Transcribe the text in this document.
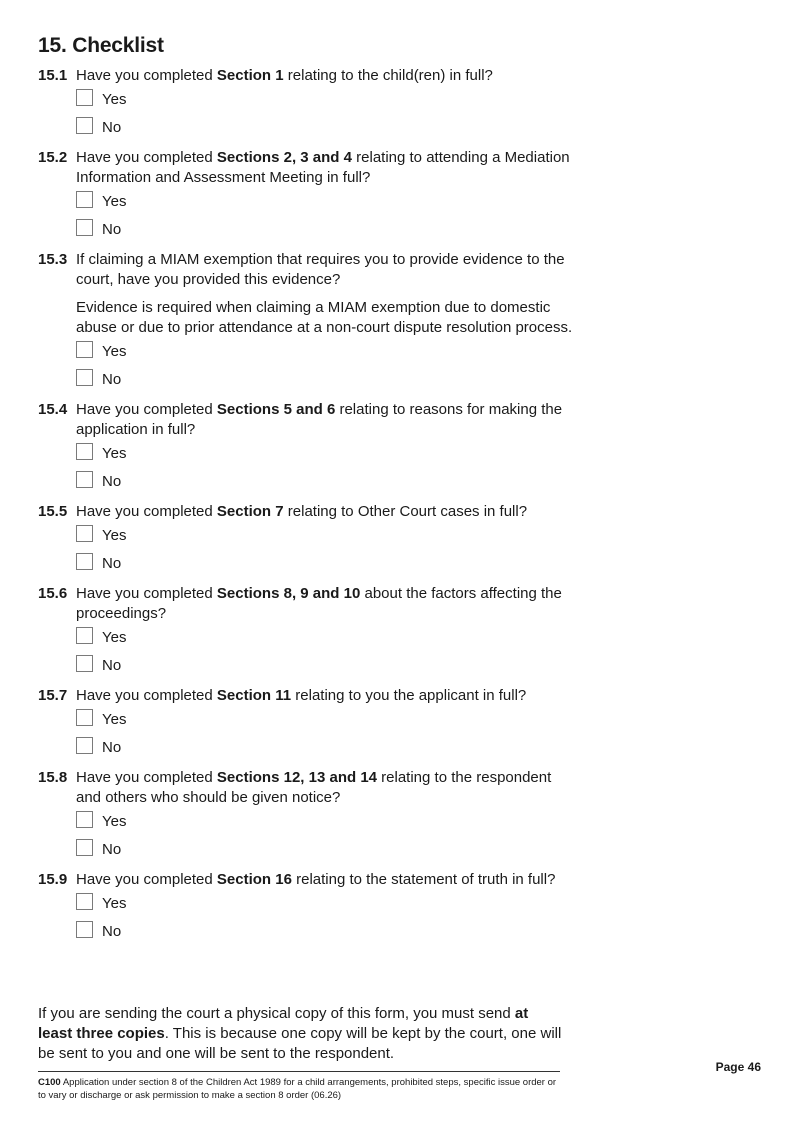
15. Checklist
15.1 Have you completed Section 1 relating to the child(ren) in full?
Yes
No
15.2 Have you completed Sections 2, 3 and 4 relating to attending a Mediation Information and Assessment Meeting in full?
Yes
No
15.3 If claiming a MIAM exemption that requires you to provide evidence to the court, have you provided this evidence?
Evidence is required when claiming a MIAM exemption due to domestic abuse or due to prior attendance at a non-court dispute resolution process.
Yes
No
15.4 Have you completed Sections 5 and 6 relating to reasons for making the application in full?
Yes
No
15.5 Have you completed Section 7 relating to Other Court cases in full?
Yes
No
15.6 Have you completed Sections 8, 9 and 10 about the factors affecting the proceedings?
Yes
No
15.7 Have you completed Section 11 relating to you the applicant in full?
Yes
No
15.8 Have you completed Sections 12, 13 and 14 relating to the respondent and others who should be given notice?
Yes
No
15.9 Have you completed Section 16 relating to the statement of truth in full?
Yes
No
If you are sending the court a physical copy of this form, you must send at least three copies. This is because one copy will be kept by the court, one will be sent to you and one will be sent to the respondent.
C100 Application under section 8 of the Children Act 1989 for a child arrangements, prohibited steps, specific issue order or to vary or discharge or ask permission to make a section 8 order (06.26)
Page 46
